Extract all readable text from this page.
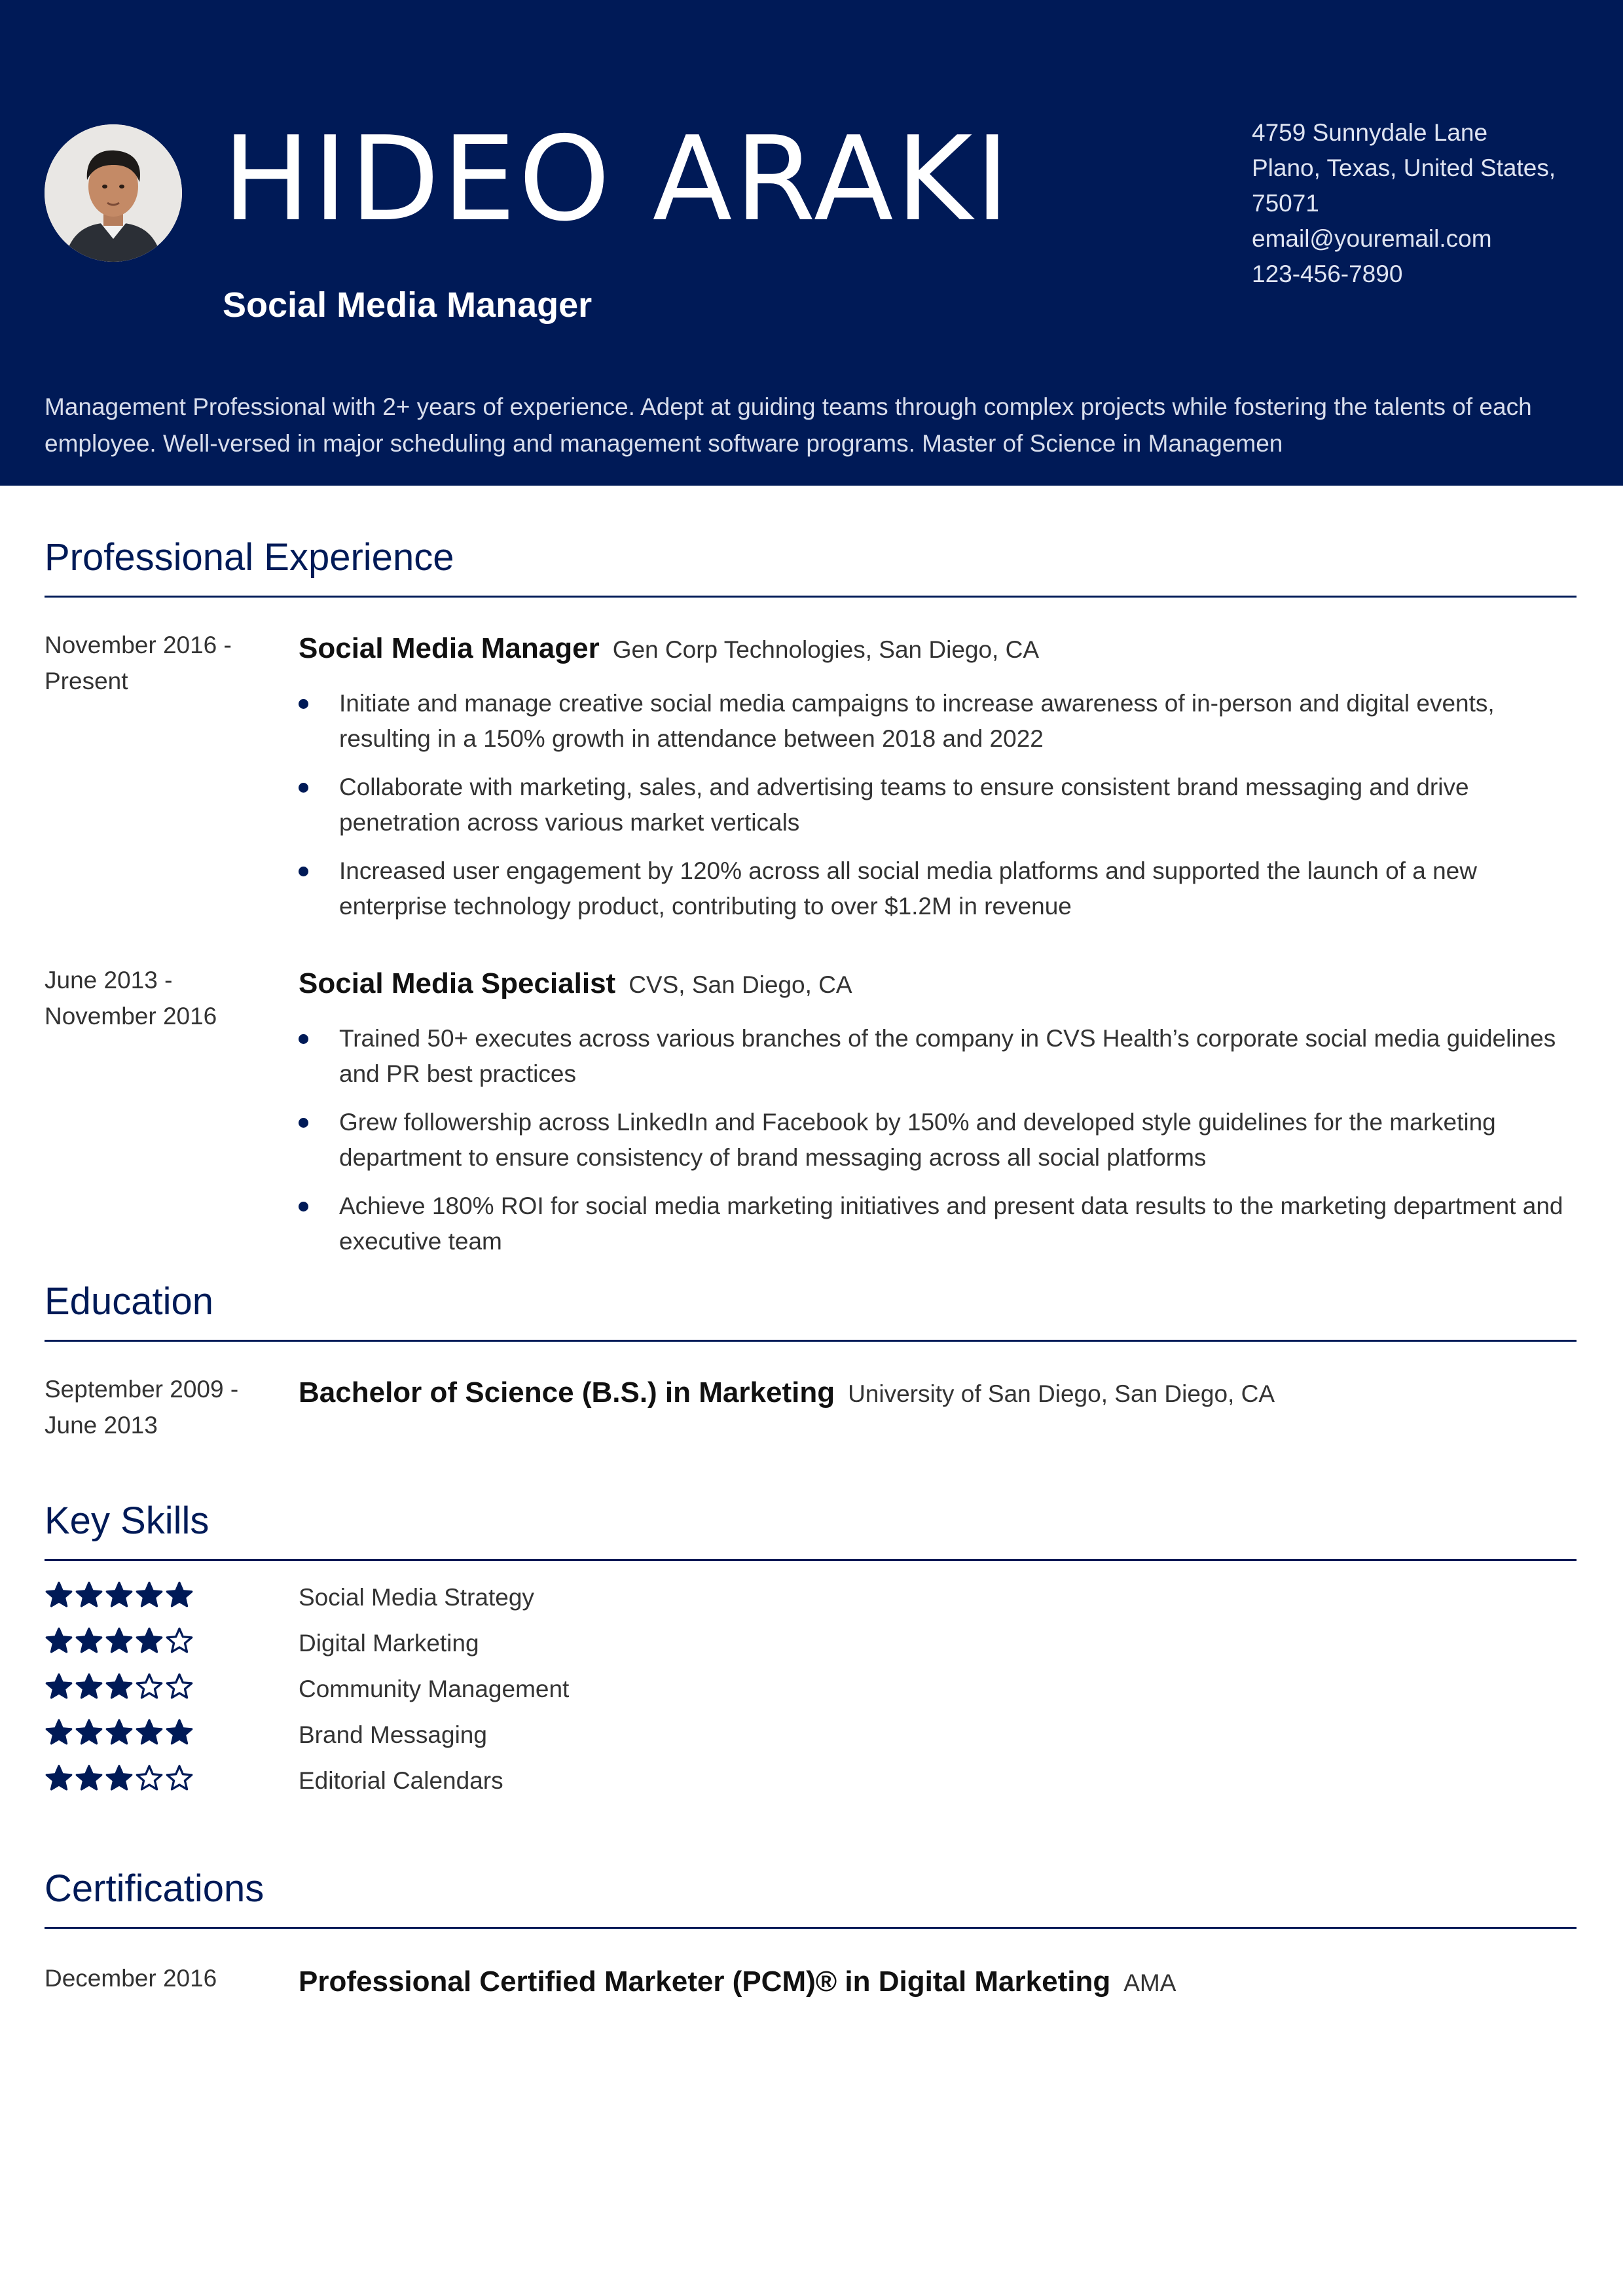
HIDEO ARAKI
Social Media Manager
4759 Sunnydale Lane
Plano, Texas, United States,
75071
email@youremail.com
123-456-7890
Management Professional with 2+ years of experience. Adept at guiding teams through complex projects while fostering the talents of each employee. Well-versed in major scheduling and management software programs. Master of Science in Managemen
Professional Experience
November 2016 -
Present
Social Media Manager Gen Corp Technologies, San Diego, CA
Initiate and manage creative social media campaigns to increase awareness of in-person and digital events, resulting in a 150% growth in attendance between 2018 and 2022
Collaborate with marketing, sales, and advertising teams to ensure consistent brand messaging and drive penetration across various market verticals
Increased user engagement by 120% across all social media platforms and supported the launch of a new enterprise technology product, contributing to over $1.2M in revenue
June 2013 -
November 2016
Social Media Specialist CVS, San Diego, CA
Trained 50+ executes across various branches of the company in CVS Health’s corporate social media guidelines and PR best practices
Grew followership across LinkedIn and Facebook by 150% and developed style guidelines for the marketing department to ensure consistency of brand messaging across all social platforms
Achieve 180% ROI for social media marketing initiatives and present data results to the marketing department and executive team
Education
September 2009 -
June 2013
Bachelor of Science (B.S.) in Marketing University of San Diego, San Diego, CA
Key Skills
Social Media Strategy
Digital Marketing
Community Management
Brand Messaging
Editorial Calendars
Certifications
December 2016	Professional Certified Marketer (PCM)® in Digital Marketing AMA
